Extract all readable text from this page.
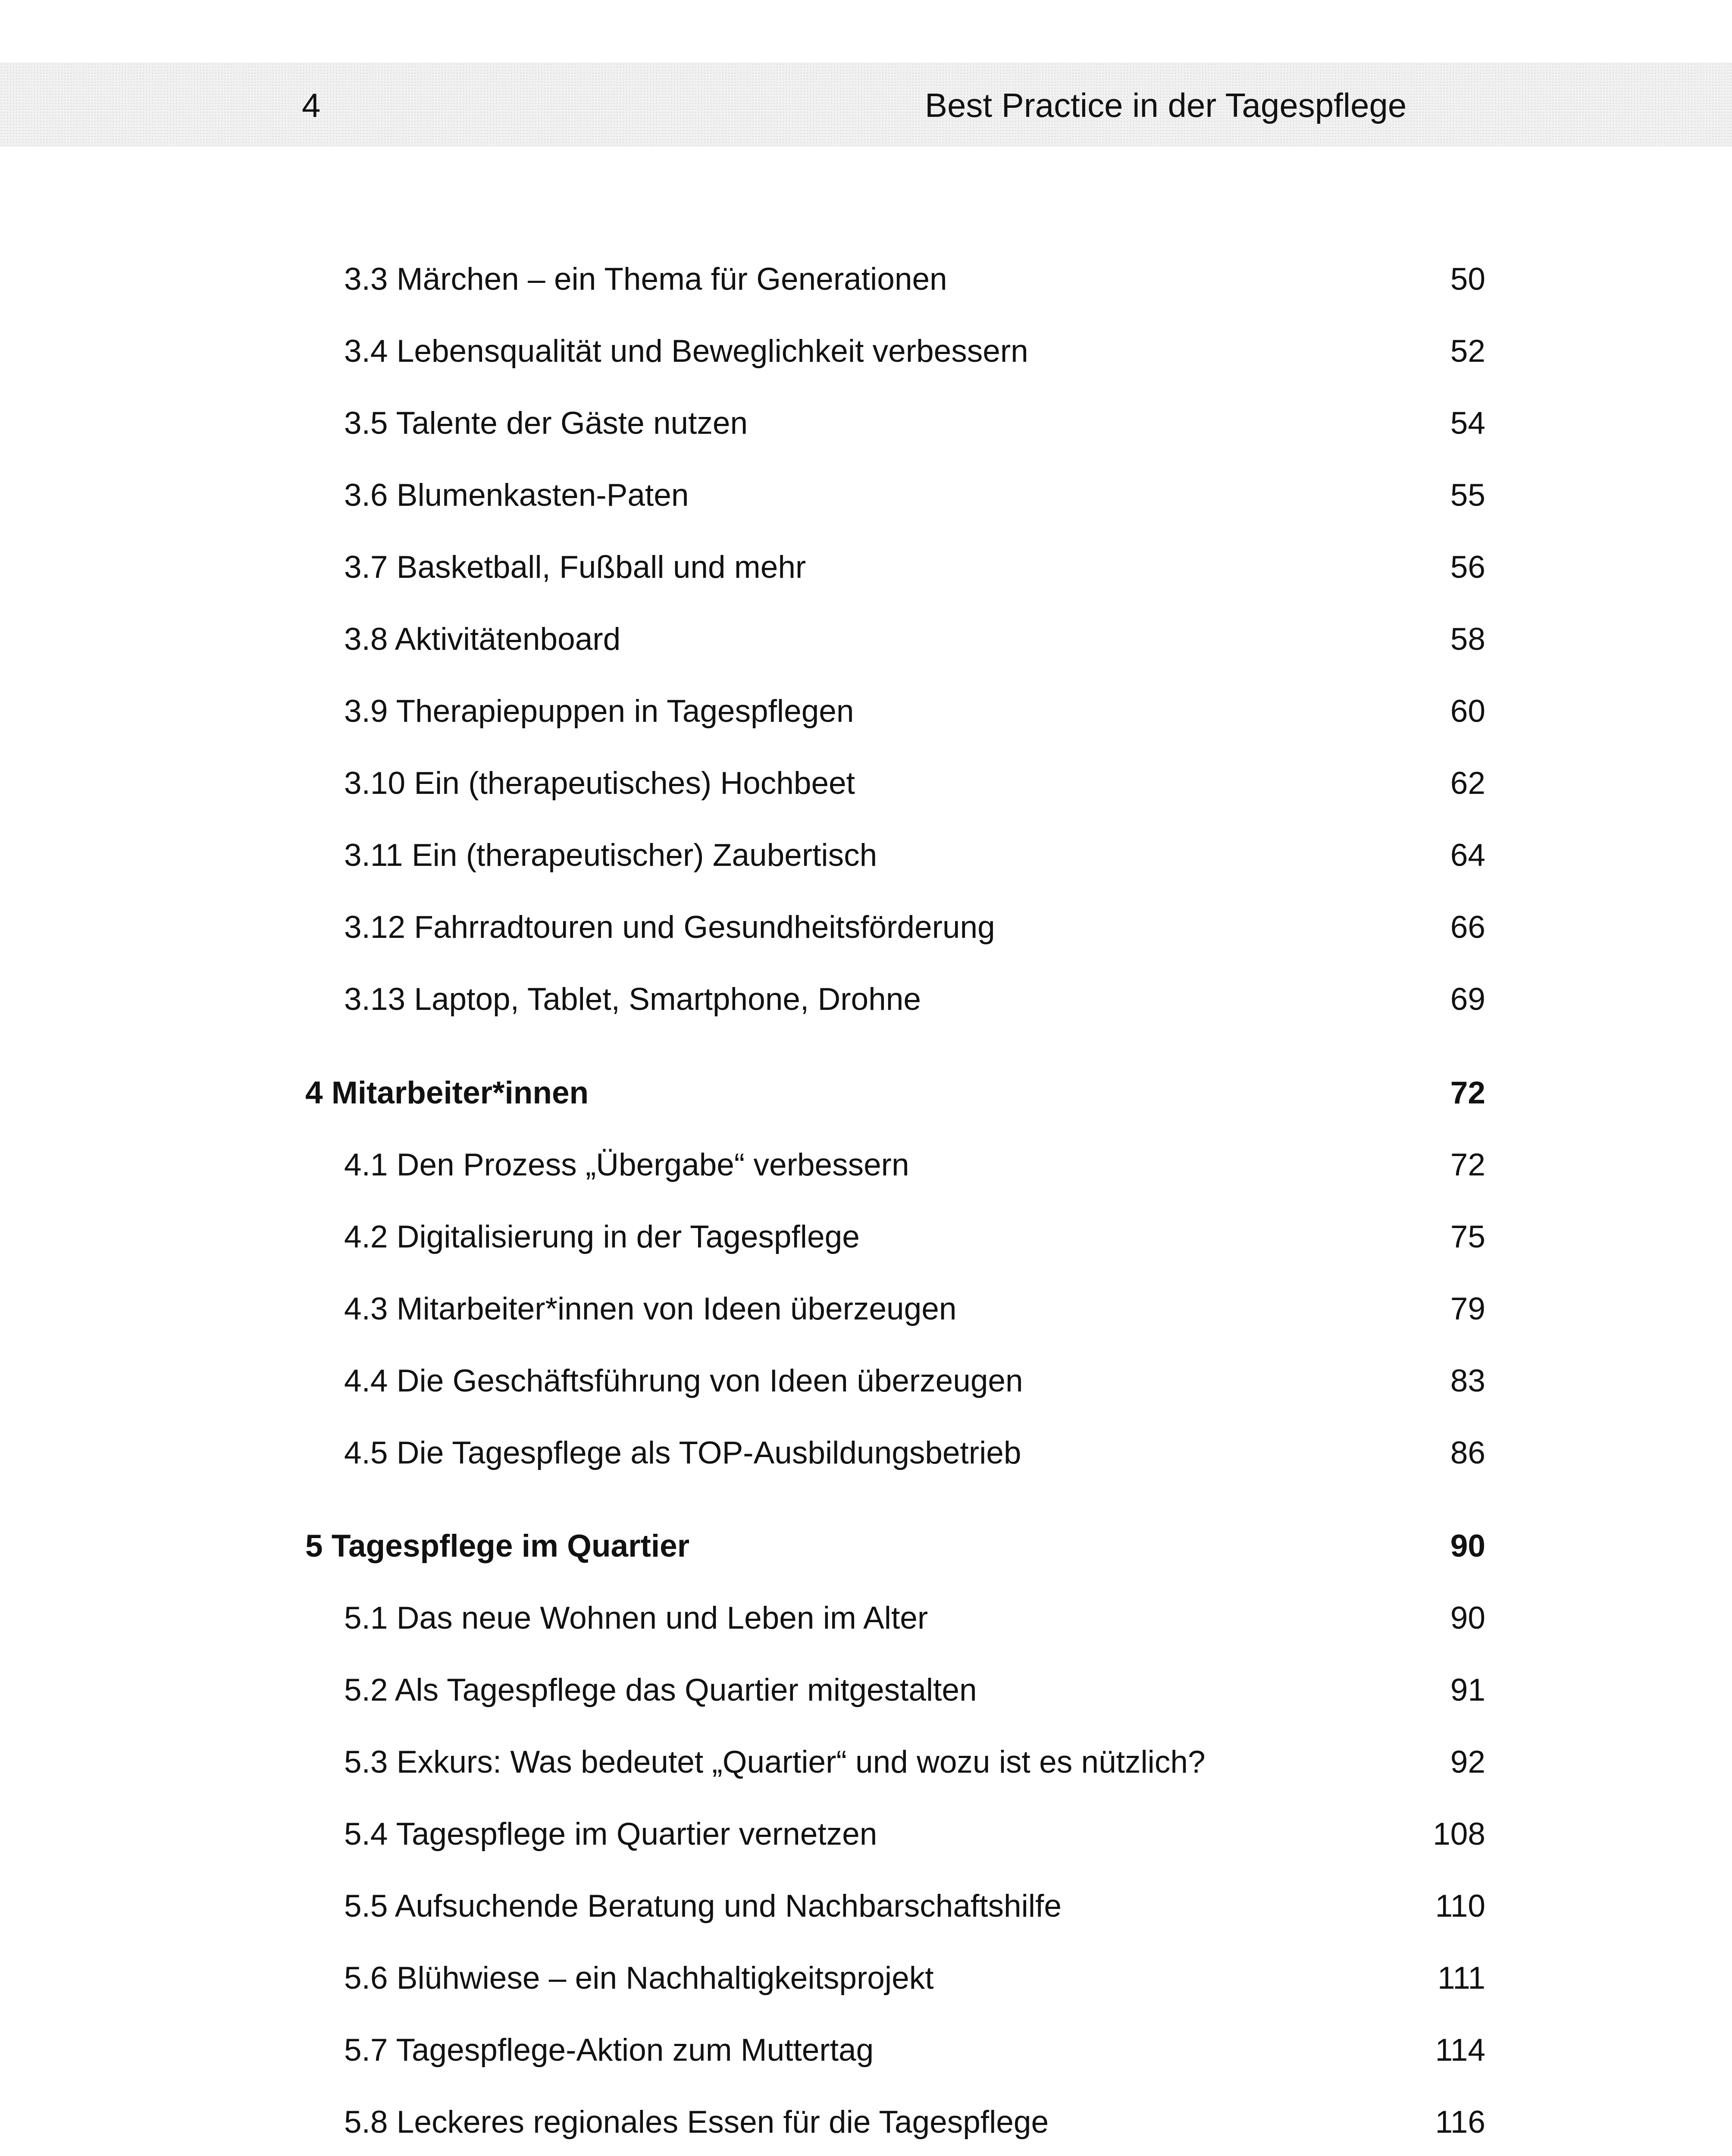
4	Best Practice in der Tagespflege
3.3 Märchen – ein Thema für Generationen	50
3.4 Lebensqualität und Beweglichkeit verbessern	52
3.5 Talente der Gäste nutzen	54
3.6 Blumenkasten-Paten	55
3.7 Basketball, Fußball und mehr	56
3.8 Aktivitätenboard	58
3.9 Therapiepuppen in Tagespflegen	60
3.10 Ein (therapeutisches) Hochbeet	62
3.11 Ein (therapeutischer) Zaubertisch	64
3.12 Fahrradtouren und Gesundheitsförderung	66
3.13 Laptop, Tablet, Smartphone, Drohne	69
4 Mitarbeiter*innen	72
4.1 Den Prozess „Übergabe“ verbessern	72
4.2 Digitalisierung in der Tagespflege	75
4.3 Mitarbeiter*innen von Ideen überzeugen	79
4.4 Die Geschäftsführung von Ideen überzeugen	83
4.5 Die Tagespflege als TOP-Ausbildungsbetrieb	86
5 Tagespflege im Quartier	90
5.1 Das neue Wohnen und Leben im Alter	90
5.2 Als Tagespflege das Quartier mitgestalten	91
5.3 Exkurs: Was bedeutet „Quartier“ und wozu ist es nützlich?	92
5.4 Tagespflege im Quartier vernetzen	108
5.5 Aufsuchende Beratung und Nachbarschaftshilfe	110
5.6 Blühwiese – ein Nachhaltigkeitsprojekt	111
5.7 Tagespflege-Aktion zum Muttertag	114
5.8 Leckeres regionales Essen für die Tagespflege	116
